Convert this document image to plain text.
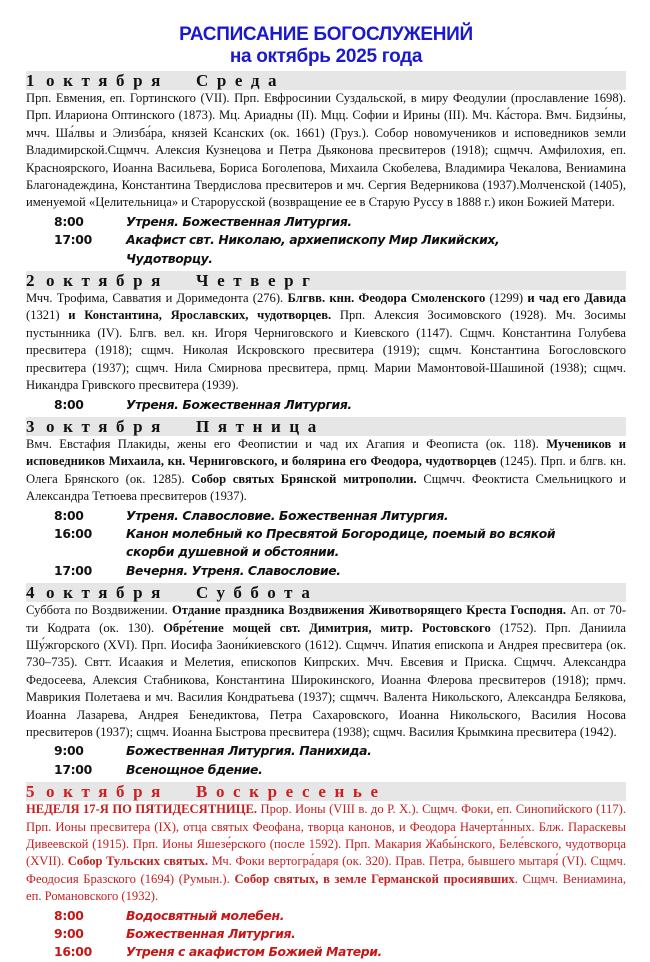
РАСПИСАНИЕ БОГОСЛУЖЕНИЙ
на октябрь 2025 года
1 октября	Среда

Прп. Евмения, еп. Гортинского (VII). Прп. Евфросинии Суздальской, в миру Феодулии (прославление 1698). Прп. Илариона Оптинского (1873). Мц. Ариадны (II). Мцц. Софии и Ирины (III). Мч. Ка́стора. Вмч. Бидзи́ны, мчч. Ша́лвы и Элизба́ра, князей Ксанских (ок. 1661) (Груз.). Собор новомучеников и исповедников земли Владимирской.Сщмчч. Алексия Кузнецова и Петра Дьяконова пресвитеров (1918); сщмчч. Амфилохия, еп. Красноярского, Иоанна Васильева, Бориса Боголепова, Михаила Скобелева, Владимира Чекалова, Вениамина Благонадеждина, Константина Твердислова пресвитеров и мч. Сергия Ведерникова (1937).Молченской (1405), именуемой «Целительница» и Старорусской (возвращение ее в Старую Руссу в 1888 г.) икон Божией Матери.

8:00	Утреня. Божественная Литургия.
17:00	Акафист свт. Николаю, архиепископу Мир Ликийских, Чудотворцу.
2 октября	Четверг

Мчч. Трофима, Савватия и Доримедонта (276). Блгвв. кнн. Феодора Смоленского (1299) и чад его Давида (1321) и Константина, Ярославских, чудотворцев. Прп. Алексия Зосимовского (1928). Мч. Зосимы пустынника (IV). Блгв. вел. кн. Игоря Черниговского и Киевского (1147). Сщмч. Константина Голубева пресвитера (1918); сщмч. Николая Искровского пресвитера (1919); сщмч. Константина Богословского пресвитера (1937); сщмч. Нила Смирнова пресвитера, прмц. Марии Мамонтовой-Шашиной (1938); сщмч. Никандра Гривского пресвитера (1939).

8:00	Утреня. Божественная Литургия.
3 октября	Пятница

Вмч. Евстафия Плакиды, жены его Феопистии и чад их Агапия и Феописта (ок. 118). Мучеников и исповедников Михаила, кн. Черниговского, и болярина его Феодора, чудотворцев (1245). Прп. и блгв. кн. Олега Брянского (ок. 1285). Собор святых Брянской митрополии. Сщмчч. Феоктиста Смельницкого и Александра Тетюева пресвитеров (1937).

8:00	Утреня. Славословие. Божественная Литургия.
16:00	Канон молебный ко Пресвятой Богородице, поемый во всякой скорби душевной и обстоянии.
17:00	Вечерня. Утреня. Славословие.
4 октября	Суббота

Суббота по Воздвижении. Отдание праздника Воздвижения Животворящего Креста Господня. Ап. от 70-ти Кодрата (ок. 130). Обре́тение мощей свт. Димитрия, митр. Ростовского (1752). Прп. Даниила Шу́жгорского (XVI). Прп. Иосифа Заони́киевского (1612). Сщмчч. Ипатия епископа и Андрея пресвитера (ок. 730–735). Свтт. Исаакия и Мелетия, епископов Кипрских. Мчч. Евсевия и Приска. Сщмчч. Александра Федосеева, Алексия Стабникова, Константина Широкинского, Иоанна Флерова пресвитеров (1918); прмч. Маврикия Полетаева и мч. Василия Кондратьева (1937); сщмчч. Валента Никольского, Александра Белякова, Иоанна Лазарева, Андрея Бенедиктова, Петра Сахаровского, Иоанна Никольского, Василия Носова пресвитеров (1937); сщмч. Иоанна Быстрова пресвитера (1938); сщмч. Василия Крымкина пресвитера (1942).

9:00	Божественная Литургия. Панихида.
17:00	Всенощное бдение.
5 октября	Воскресенье

НЕДЕЛЯ 17-Я ПО ПЯТИДЕСЯТНИЦЕ. Прор. Ионы (VIII в. до Р. Х.). Сщмч. Фоки, еп. Синопийского (117). Прп. Ионы пресвитера (IX), отца святых Феофана, творца канонов, и Феодора Начерта́нных. Блж. Параскевы Дивеевской (1915). Прп. Ионы Яшезе́рского (после 1592). Прп. Макария Жабы́нского, Беле́вского, чудотворца (XVII). Собор Тульских святых. Мч. Фоки вертогра́даря (ок. 320). Прав. Петра, бывшего мытаря́ (VI). Сщмч. Феодосия Бразского (1694) (Румын.). Собор святых, в земле Германской просиявших. Сщмч. Вениамина, еп. Романовского (1932).

8:00	Водосвятный молебен.
9:00	Божественная Литургия.
16:00	Утреня с акафистом Божией Матери.
